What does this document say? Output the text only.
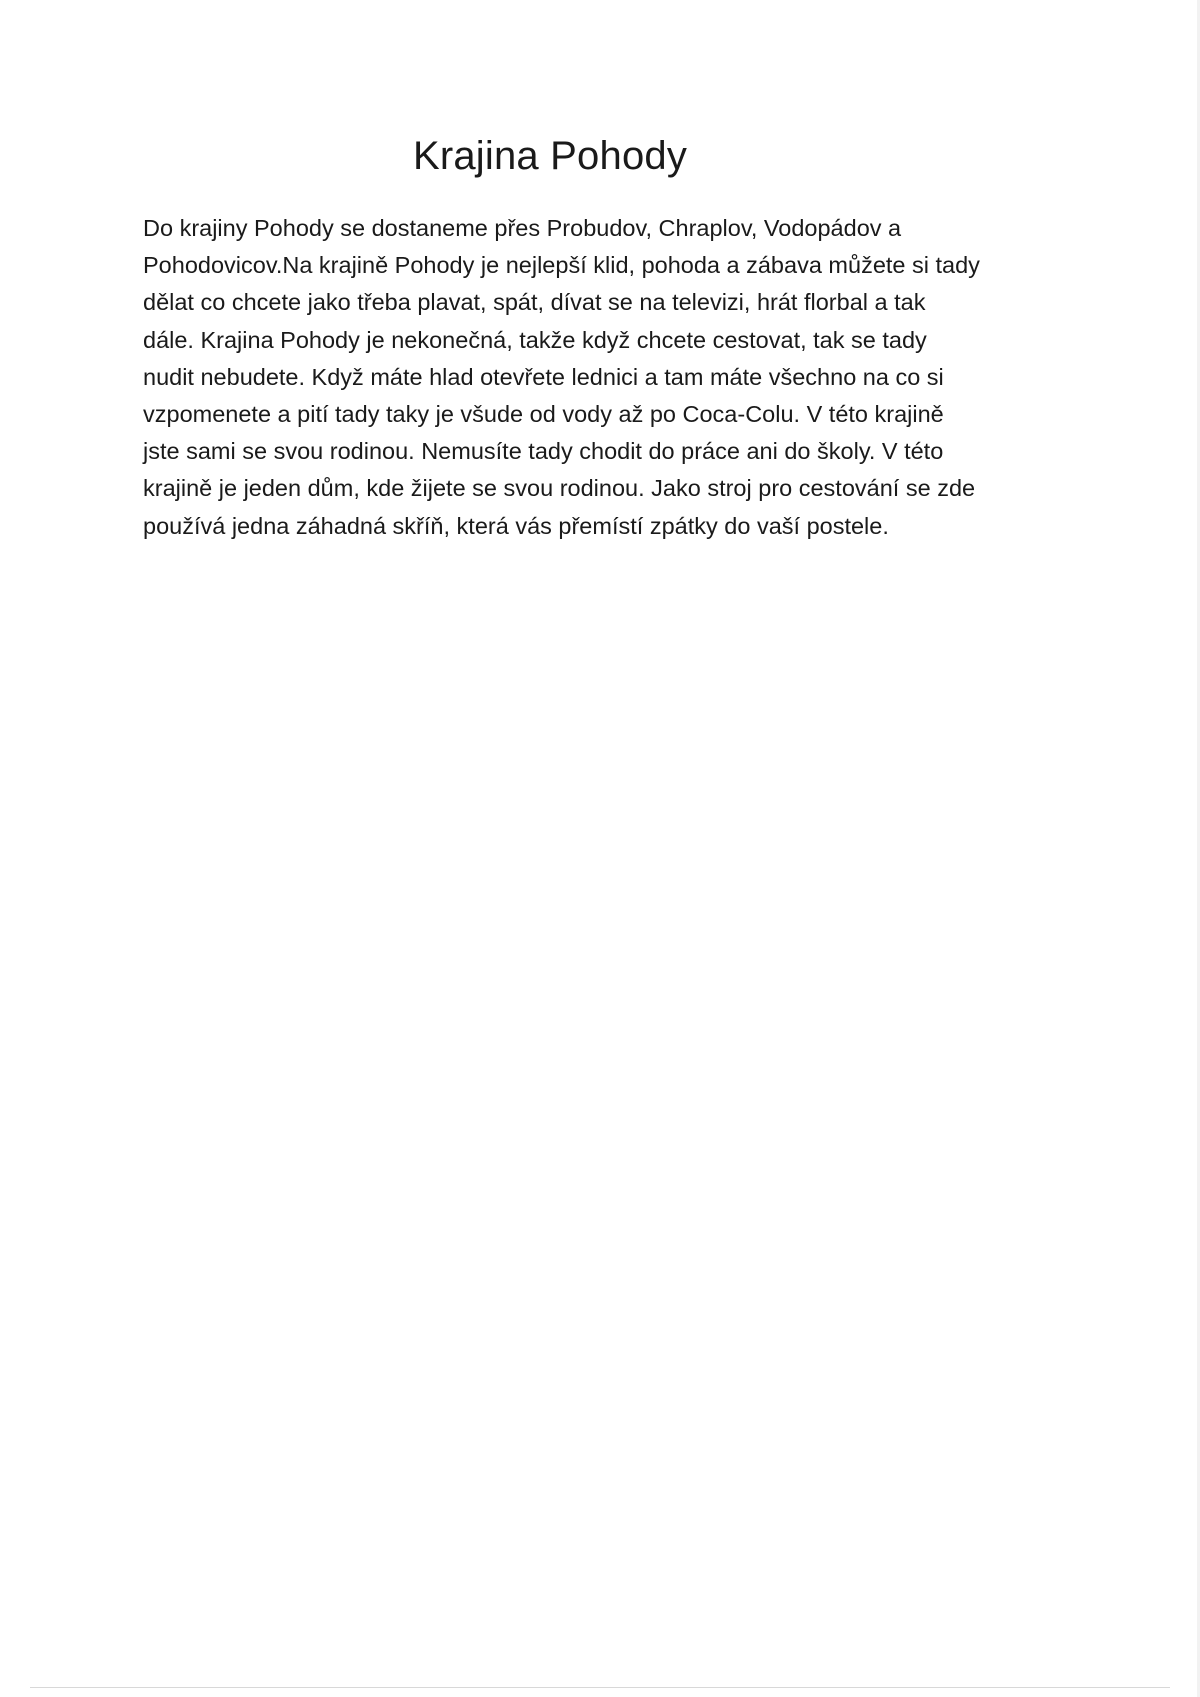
Krajina Pohody
Do krajiny Pohody se dostaneme přes Probudov, Chraplov, Vodopádov a
Pohodovicov.Na krajině Pohody je nejlepší klid, pohoda a zábava můžete si tady
dělat co chcete jako třeba plavat, spát, dívat se na televizi, hrát florbal a tak
dále. Krajina Pohody je nekonečná, takže když chcete cestovat, tak se tady
nudit nebudete. Když máte hlad otevřete lednici a tam máte všechno na co si
vzpomenete a pití tady taky je všude od vody až po Coca-Colu. V této krajině
jste sami se svou rodinou. Nemusíte tady chodit do práce ani do školy. V této
krajině je jeden dům, kde žijete se svou rodinou. Jako stroj pro cestování se zde
používá jedna záhadná skříň, která vás přemístí zpátky do vaší postele.
